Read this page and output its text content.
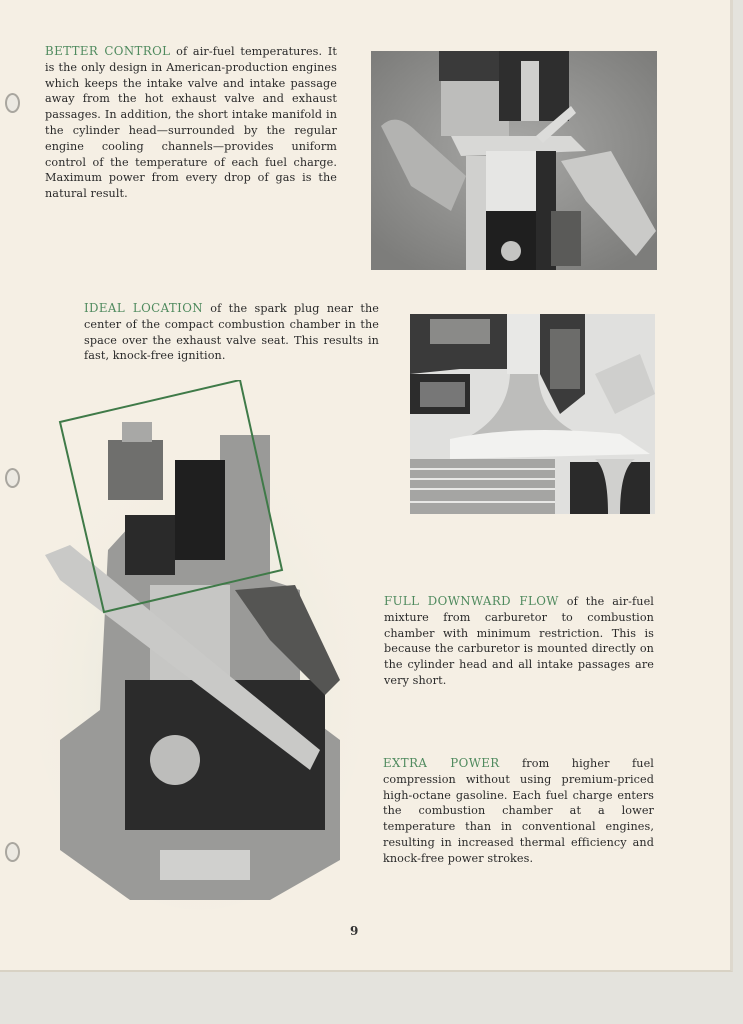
BETTER CONTROL of air-fuel temperatures. It is the only design in American-production engines which keeps the intake valve and intake passage away from the hot exhaust valve and exhaust passages. In addition, the short intake manifold in the cylinder head—surrounded by the regular engine cooling channels—provides uniform control of the temperature of each fuel charge. Maximum power from every drop of gas is the natural result.
IDEAL LOCATION of the spark plug near the center of the compact combustion chamber in the space over the exhaust valve seat. This results in fast, knock-free ignition.
FULL DOWNWARD FLOW of the air-fuel mixture from carburetor to combustion chamber with minimum restriction. This is because the carburetor is mounted directly on the cylinder head and all intake passages are very short.
EXTRA POWER from higher fuel compression without using premium-priced high-octane gasoline. Each fuel charge enters the combustion chamber at a lower temperature than in conventional engines, resulting in increased thermal efficiency and knock-free power strokes.
9
